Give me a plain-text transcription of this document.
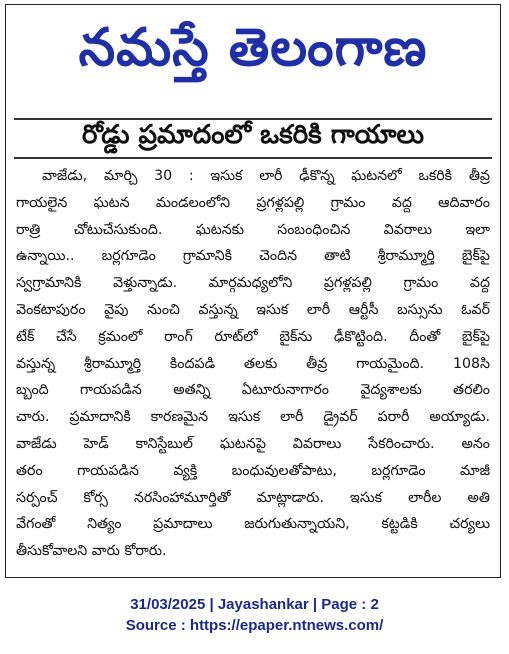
నమస్తే తెలంగాణ
రోడ్డు ప్రమాదంలో ఒకరికి గాయాలు
వాజేడు, మార్చి 30 : ఇసుక లారీ ఢీకొన్న ఘటనలో ఒకరికి తీవ్ర
గాయలైన ఘటన మండలంలోని ప్రగళ్లపల్లి గ్రామం వద్ద ఆదివారం
రాత్రి చోటుచేసుకుంది. ఘటనకు సంబంధించిన వివరాలు ఇలా
ఉన్నాయి.. బర్లగూడెం గ్రామానికి చెందిన తాటి శ్రీరామ్మూర్తి బైక్‌పై
స్వగ్రామానికి వెళ్తున్నాడు. మార్గమధ్యలోని ప్రగళ్లపల్లి గ్రామం వద్ద
వెంకటాపురం వైపు నుంచి వస్తున్న ఇసుక లారీ ఆర్టీసీ బస్సును ఓవర్
టేక్ చేసే క్రమంలో రాంగ్ రూట్‌లో బైక్‌ను ఢీకొట్టింది. దీంతో బైక్‌పై
వస్తున్న శ్రీరామ్మూర్తి కిందపడి తలకు తీవ్ర గాయమైంది. 108సి
బ్బంది గాయపడిన అతన్ని ఏటూరునాగారం వైద్యశాలకు తరలిం
చారు. ప్రమాదానికి కారణమైన ఇసుక లారీ డ్రైవర్ పరారీ అయ్యాడు.
వాజేడు హెడ్ కానిస్టేబుల్ ఘటనపై వివరాలు సేకరించారు. అనం
తరం గాయపడిన వ్యక్తి బంధువులతోపాటు, బర్లగూడెం మాజీ
సర్పంచ్ కోర్స నరసింహామూర్తితో మాట్లాడారు. ఇసుక లారీల అతి
వేగంతో నిత్యం ప్రమాదాలు జరుగుతున్నాయని, కట్టడికి చర్యలు
తీసుకోవాలని వారు కోరారు.
31/03/2025 | Jayashankar | Page : 2
Source : https://epaper.ntnews.com/
